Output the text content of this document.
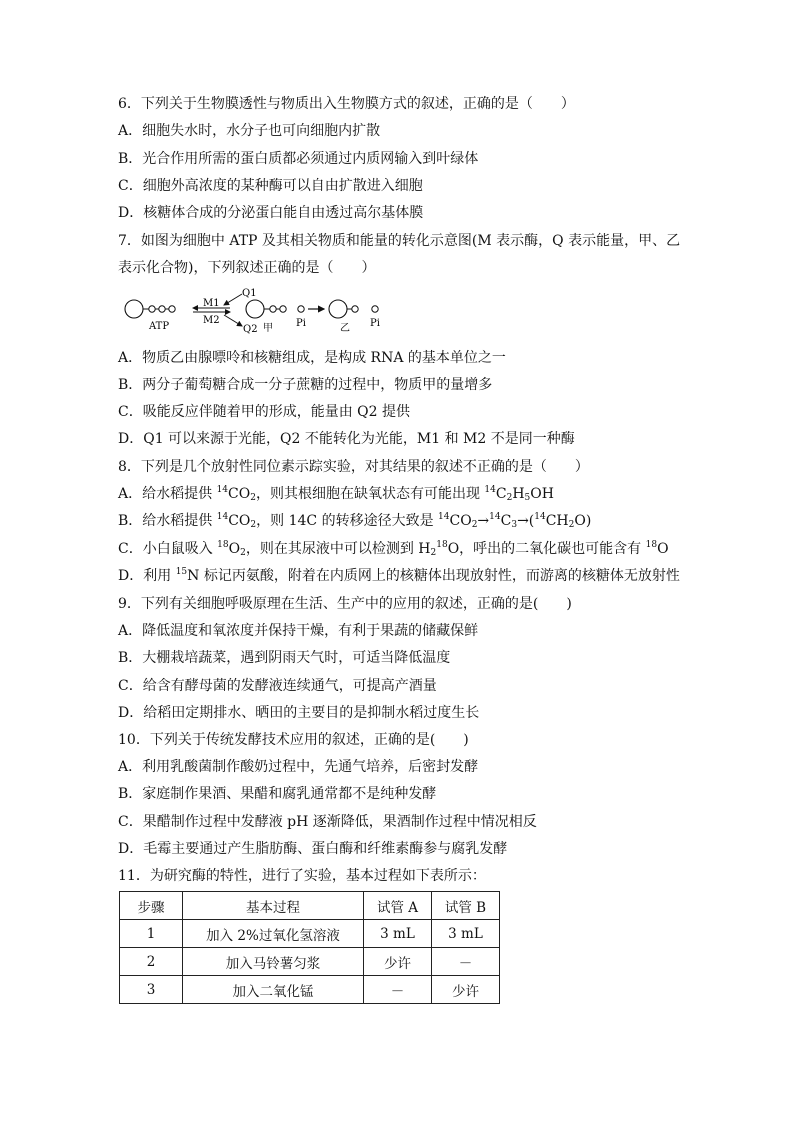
6．下列关于生物膜透性与物质出入生物膜方式的叙述，正确的是（　　）
A．细胞失水时，水分子也可向细胞内扩散
B．光合作用所需的蛋白质都必须通过内质网输入到叶绿体
C．细胞外高浓度的某种酶可以自由扩散进入细胞
D．核糖体合成的分泌蛋白能自由透过高尔基体膜
7．如图为细胞中 ATP 及其相关物质和能量的转化示意图(M 表示酶，Q 表示能量，甲、乙
表示化合物)，下列叙述正确的是（　　）
ATP
M1
M2
Q1
Q2 甲 Pi	乙 Pi
A．物质乙由腺嘌呤和核糖组成，是构成 RNA 的基本单位之一
B．两分子葡萄糖合成一分子蔗糖的过程中，物质甲的量增多
C．吸能反应伴随着甲的形成，能量由 Q2 提供
D．Q1 可以来源于光能，Q2 不能转化为光能，M1 和 M2 不是同一种酶
8．下列是几个放射性同位素示踪实验，对其结果的叙述不正确的是（　　）
A．给水稻提供 $^{14}CO_2$，则其根细胞在缺氧状态有可能出现 $^{14}C_2H_5OH$
B．给水稻提供 $^{14}CO_2$，则 14C 的转移途径大致是 $^{14}CO_2\to^{14}C_3\to(^{14}CH_2O)$
C．小白鼠吸入 $^{18}O_2$，则在其尿液中可以检测到 $H_2^{18}O$，呼出的二氧化碳也可能含有 $^{18}$O
D．利用 $^{15}$N 标记丙氨酸，附着在内质网上的核糖体出现放射性，而游离的核糖体无放射性
9．下列有关细胞呼吸原理在生活、生产中的应用的叙述，正确的是(　　)
A．降低温度和氧浓度并保持干燥，有利于果蔬的储藏保鲜
B．大棚栽培蔬菜，遇到阴雨天气时，可适当降低温度
C．给含有酵母菌的发酵液连续通气，可提高产酒量
D．给稻田定期排水、晒田的主要目的是抑制水稻过度生长
10．下列关于传统发酵技术应用的叙述，正确的是(　　)
A．利用乳酸菌制作酸奶过程中，先通气培养，后密封发酵
B．家庭制作果酒、果醋和腐乳通常都不是纯种发酵
C．果醋制作过程中发酵液 pH 逐渐降低，果酒制作过程中情况相反
D．毛霉主要通过产生脂肪酶、蛋白酶和纤维素酶参与腐乳发酵
11．为研究酶的特性，进行了实验，基本过程如下表所示：
步骤	基本过程	试管 A	试管 B
1	加入 2%过氧化氢溶液	3 mL	3 mL
2	加入马铃薯匀浆	少许	－
3	加入二氧化锰	－	少许
